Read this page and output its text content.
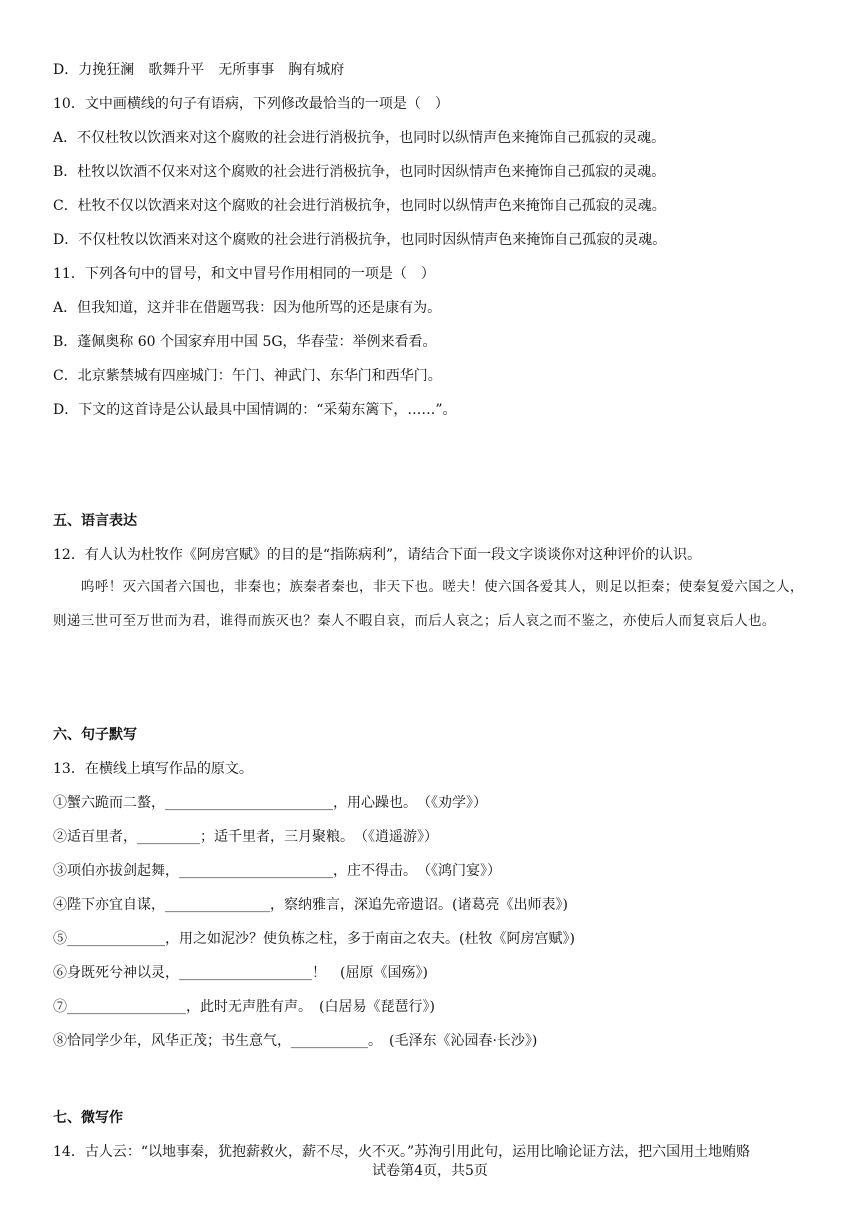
D．力挽狂澜　歌舞升平　无所事事　胸有城府
10．文中画横线的句子有语病，下列修改最恰当的一项是（　）
A．不仅杜牧以饮酒来对这个腐败的社会进行消极抗争，也同时以纵情声色来掩饰自己孤寂的灵魂。
B．杜牧以饮酒不仅来对这个腐败的社会进行消极抗争，也同时因纵情声色来掩饰自己孤寂的灵魂。
C．杜牧不仅以饮酒来对这个腐败的社会进行消极抗争，也同时以纵情声色来掩饰自己孤寂的灵魂。
D．不仅杜牧以饮酒来对这个腐败的社会进行消极抗争，也同时因纵情声色来掩饰自己孤寂的灵魂。
11．下列各句中的冒号，和文中冒号作用相同的一项是（　）
A．但我知道，这并非在借题骂我：因为他所骂的还是康有为。
B．蓬佩奥称 60 个国家弃用中国 5G，华春莹：举例来看看。
C．北京紫禁城有四座城门：午门、神武门、东华门和西华门。
D．下文的这首诗是公认最具中国情调的：“采菊东篱下，……”。
五、语言表达
12．有人认为杜牧作《阿房宫赋》的目的是“指陈病利”，请结合下面一段文字谈谈你对这种评价的认识。
呜呼！灭六国者六国也，非秦也；族秦者秦也，非天下也。嗟夫！使六国各爱其人，则足以拒秦；使秦复爱六国之人，则递三世可至万世而为君，谁得而族灭也？秦人不暇自哀，而后人哀之；后人哀之而不鉴之，亦使后人而复哀后人也。
六、句子默写
13．在横线上填写作品的原文。
①蟹六跪而二螯，________________________，用心躁也。　（《劝学》）
②适百里者，_________；适千里者，三月聚粮。　（《逍遥游》）
③项伯亦拔剑起舞，______________________，庄不得击。　（《鸿门宴》）
④陛下亦宜自谋，_______________，察纳雅言，深追先帝遗诏。(诸葛亮《出师表》)
⑤______________，用之如泥沙？使负栋之柱，多于南亩之农夫。(杜牧《阿房宫赋》)
⑥身既死兮神以灵，___________________！　(屈原《国殇》)
⑦_________________，此时无声胜有声。　(白居易《琵琶行》)
⑧恰同学少年，风华正茂；书生意气，___________。　(毛泽东《沁园春·长沙》)
七、微写作
14．古人云：“以地事秦，犹抱薪救火，薪不尽，火不灭。”苏洵引用此句，运用比喻论证方法，把六国用土地贿赂
试卷第4页，共5页
